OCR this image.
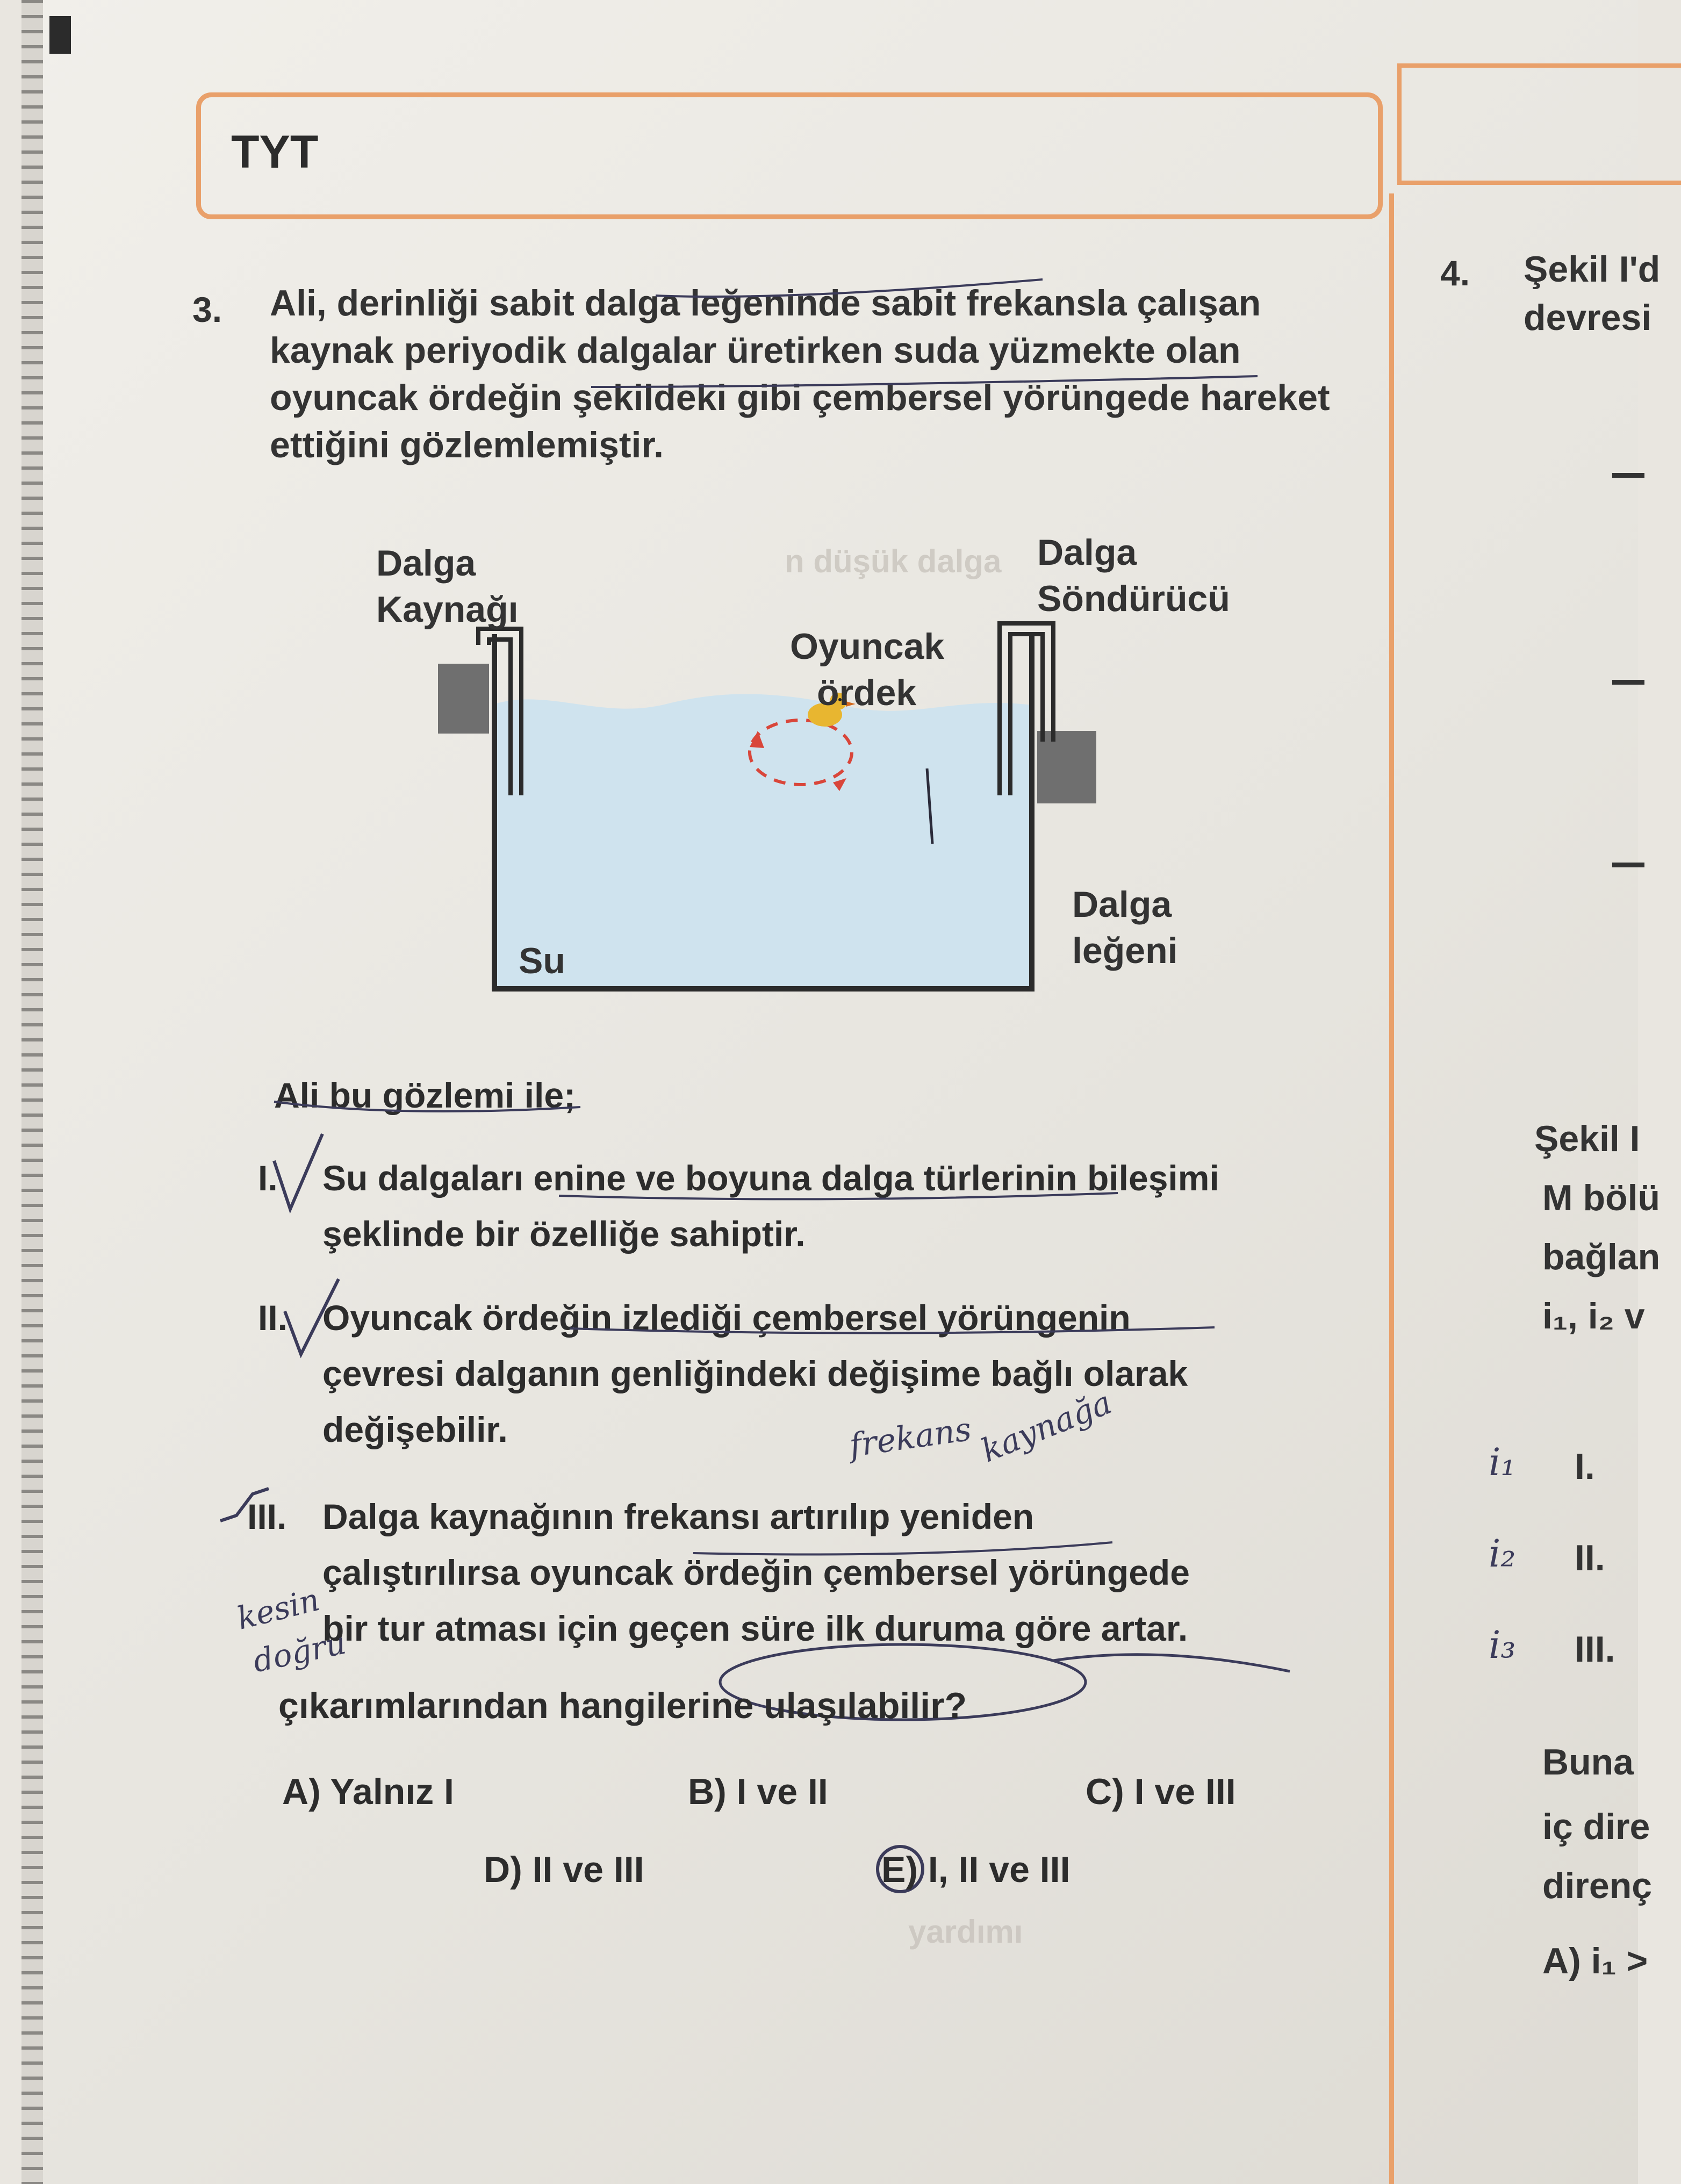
TYT
n düşük dalga
yardımı
3. Ali, derinliği sabit dalga leğeninde sabit frekansla çalışan
kaynak periyodik dalgalar üretirken suda yüzmekte olan
oyuncak ördeğin şekildeki gibi çembersel yörüngede hareket
ettiğini gözlemlemiştir.
Dalga
Kaynağı
Dalga
Söndürücü
Oyuncak
ördek
Dalga
leğeni
Su
Ali bu gözlemi ile;
I. Su dalgaları enine ve boyuna dalga türlerinin bileşimi
şeklinde bir özelliğe sahiptir.
II. Oyuncak ördeğin izlediği çembersel yörüngenin
çevresi dalganın genliğindeki değişime bağlı olarak
değişebilir.
III. Dalga kaynağının frekansı artırılıp yeniden
çalıştırılırsa oyuncak ördeğin çembersel yörüngede
bir tur atması için geçen süre ilk duruma göre artar.
frekans kaynağa
kesin
doğru
çıkarımlarından hangilerine ulaşılabilir?
A) Yalnız I	B) I ve II	C) I ve III
D) II ve III	E) I, II ve III
4. Şekil I'd
devresi
Şekil I
M bölü
bağlan
i₁, i₂ v
I.
II.
III.
i₁
i₂
i₃
Buna
iç dire
direnç
A) i₁ >
